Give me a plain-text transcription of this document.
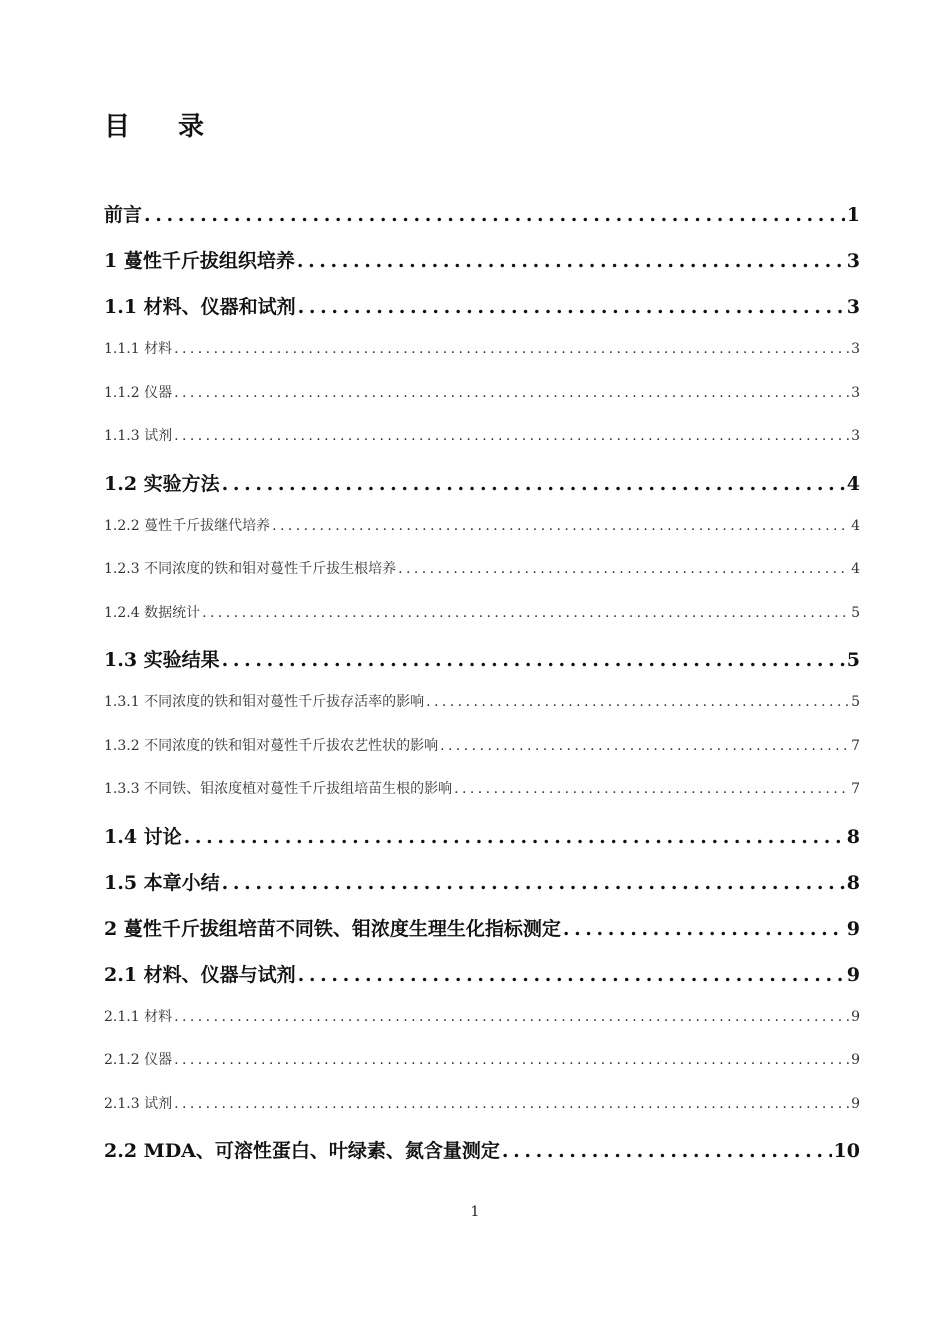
目 录
前言 . . .	1
1 蔓性千斤拔组织培养 . . .	3
1.1 材料、仪器和试剂 . . .	3
1.1.1 材料 . . .	3
1.1.2 仪器 . . .	3
1.1.3 试剂 . . .	3
1.2 实验方法 . . .	4
1.2.2 蔓性千斤拔继代培养 . . .	4
1.2.3 不同浓度的铁和钼对蔓性千斤拔生根培养 . . .	4
1.2.4 数据统计 . . .	5
1.3 实验结果 . . .	5
1.3.1 不同浓度的铁和钼对蔓性千斤拔存活率的影响 . . .	5
1.3.2 不同浓度的铁和钼对蔓性千斤拔农艺性状的影响 . . .	7
1.3.3 不同铁、钼浓度植对蔓性千斤拔组培苗生根的影响 . . .	7
1.4 讨论 . . .	8
1.5 本章小结 . . .	8
2 蔓性千斤拔组培苗不同铁、钼浓度生理生化指标测定 . . .	9
2.1 材料、仪器与试剂 . . .	9
2.1.1 材料 . . .	9
2.1.2 仪器 . . .	9
2.1.3 试剂 . . .	9
2.2 MDA、可溶性蛋白、叶绿素、氮含量测定 . . .	10
1
